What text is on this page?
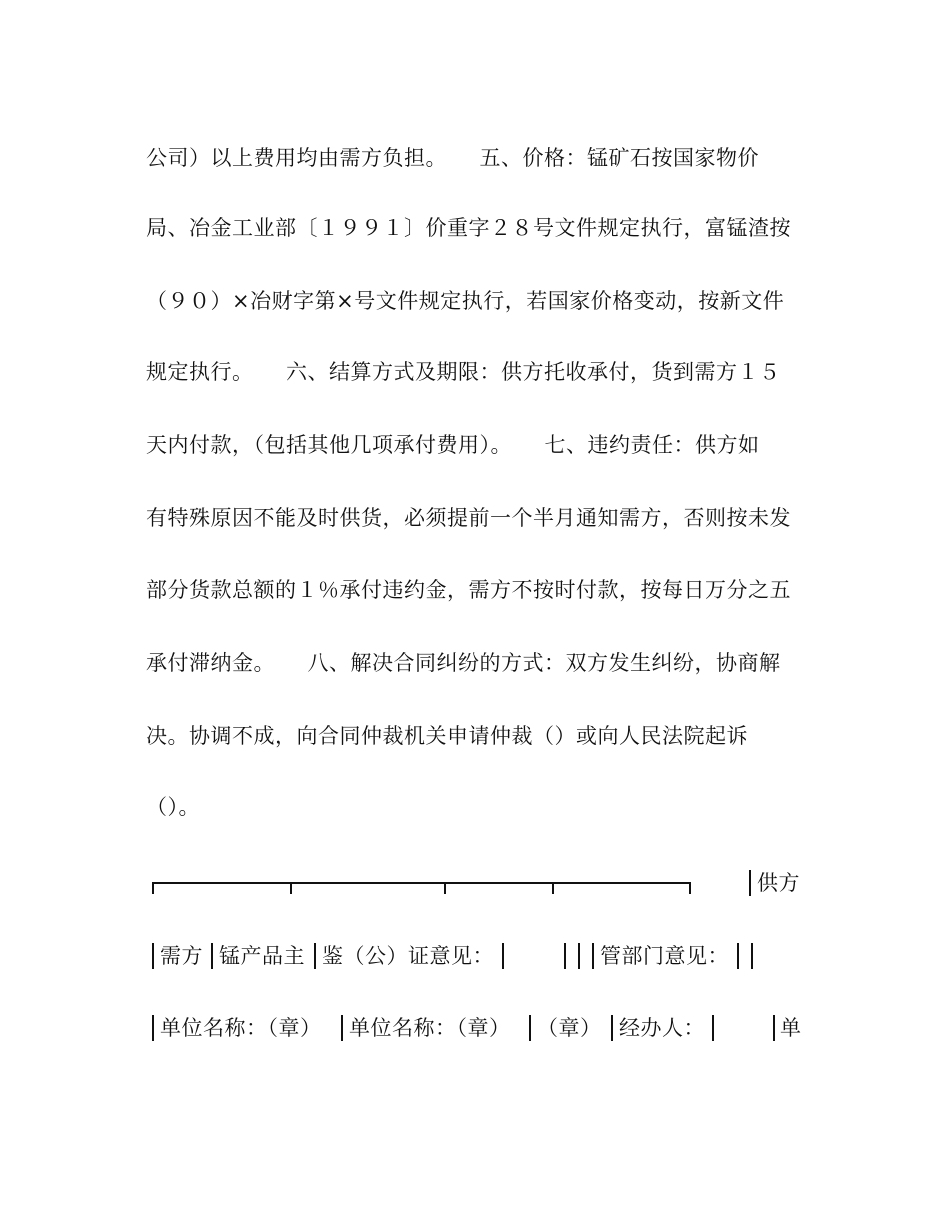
公司）以上费用均由需方负担。　　五、价格：锰矿石按国家物价
局、冶金工业部〔１９９１〕价重字２８号文件规定执行，富锰渣按
（９０）×冶财字第×号文件规定执行，若国家价格变动，按新文件
规定执行。　　六、结算方式及期限：供方托收承付，货到需方１５
天内付款，（包括其他几项承付费用）。　　七、违约责任：供方如
有特殊原因不能及时供货，必须提前一个半月通知需方，否则按未发
部分货款总额的１％承付违约金，需方不按时付款，按每日万分之五
承付滞纳金。　　八、解决合同纠纷的方式：双方发生纠纷，协商解
决。协调不成，向合同仲裁机关申请仲裁（）或向人民法院起诉
（）。
供方
需方 锰产品主 鉴（公）证意见：	管部门意见：
单位名称：（章） 单位名称：（章） （章） 经办人：	单
